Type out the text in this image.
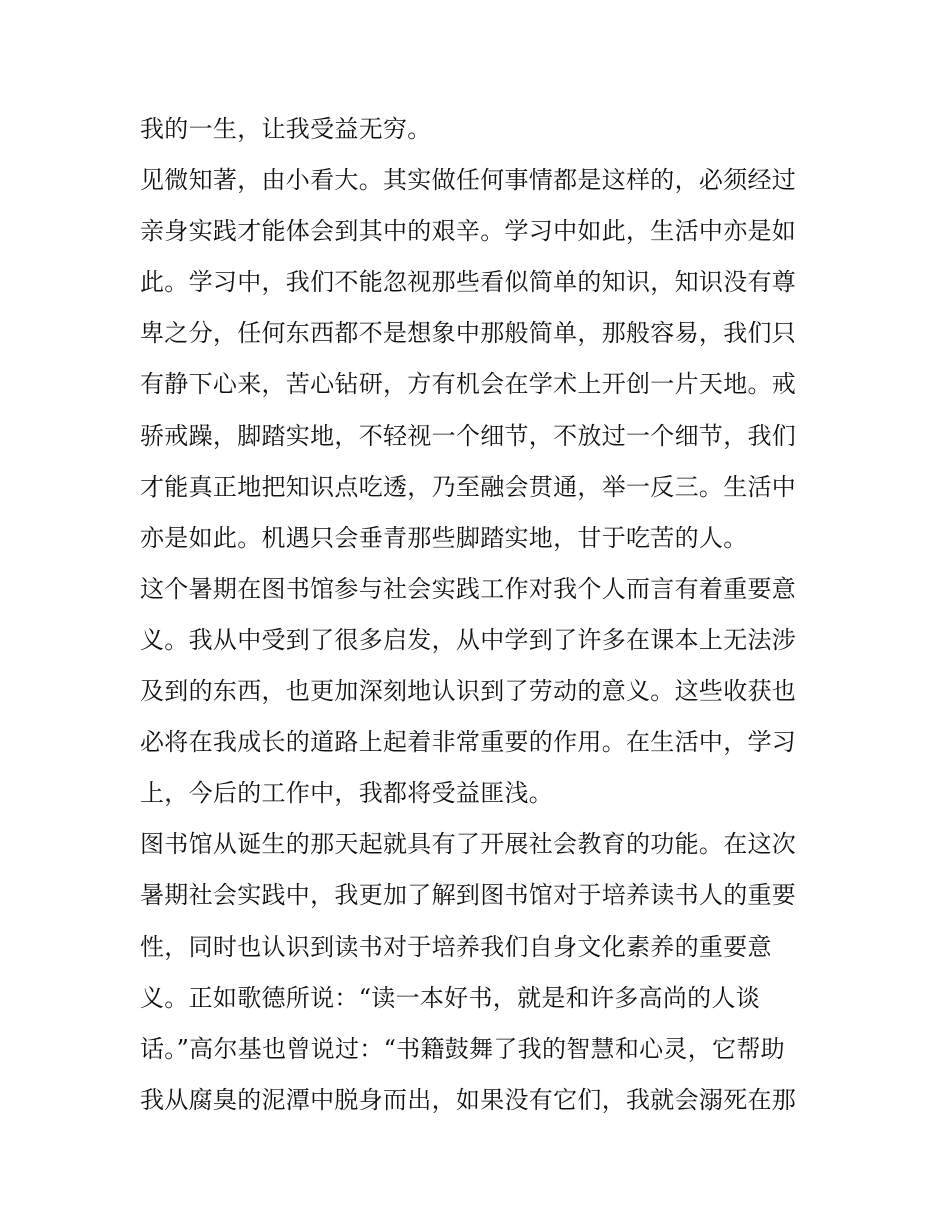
我的一生，让我受益无穷。
见微知著，由小看大。其实做任何事情都是这样的，必须经过
亲身实践才能体会到其中的艰辛。学习中如此，生活中亦是如
此。学习中，我们不能忽视那些看似简单的知识，知识没有尊
卑之分，任何东西都不是想象中那般简单，那般容易，我们只
有静下心来，苦心钻研，方有机会在学术上开创一片天地。戒
骄戒躁，脚踏实地，不轻视一个细节，不放过一个细节，我们
才能真正地把知识点吃透，乃至融会贯通，举一反三。生活中
亦是如此。机遇只会垂青那些脚踏实地，甘于吃苦的人。
这个暑期在图书馆参与社会实践工作对我个人而言有着重要意
义。我从中受到了很多启发，从中学到了许多在课本上无法涉
及到的东西，也更加深刻地认识到了劳动的意义。这些收获也
必将在我成长的道路上起着非常重要的作用。在生活中，学习
上，今后的工作中，我都将受益匪浅。
图书馆从诞生的那天起就具有了开展社会教育的功能。在这次
暑期社会实践中，我更加了解到图书馆对于培养读书人的重要
性，同时也认识到读书对于培养我们自身文化素养的重要意
义。正如歌德所说：“读一本好书，就是和许多高尚的人谈
话。”高尔基也曾说过：“书籍鼓舞了我的智慧和心灵，它帮助
我从腐臭的泥潭中脱身而出，如果没有它们，我就会溺死在那
